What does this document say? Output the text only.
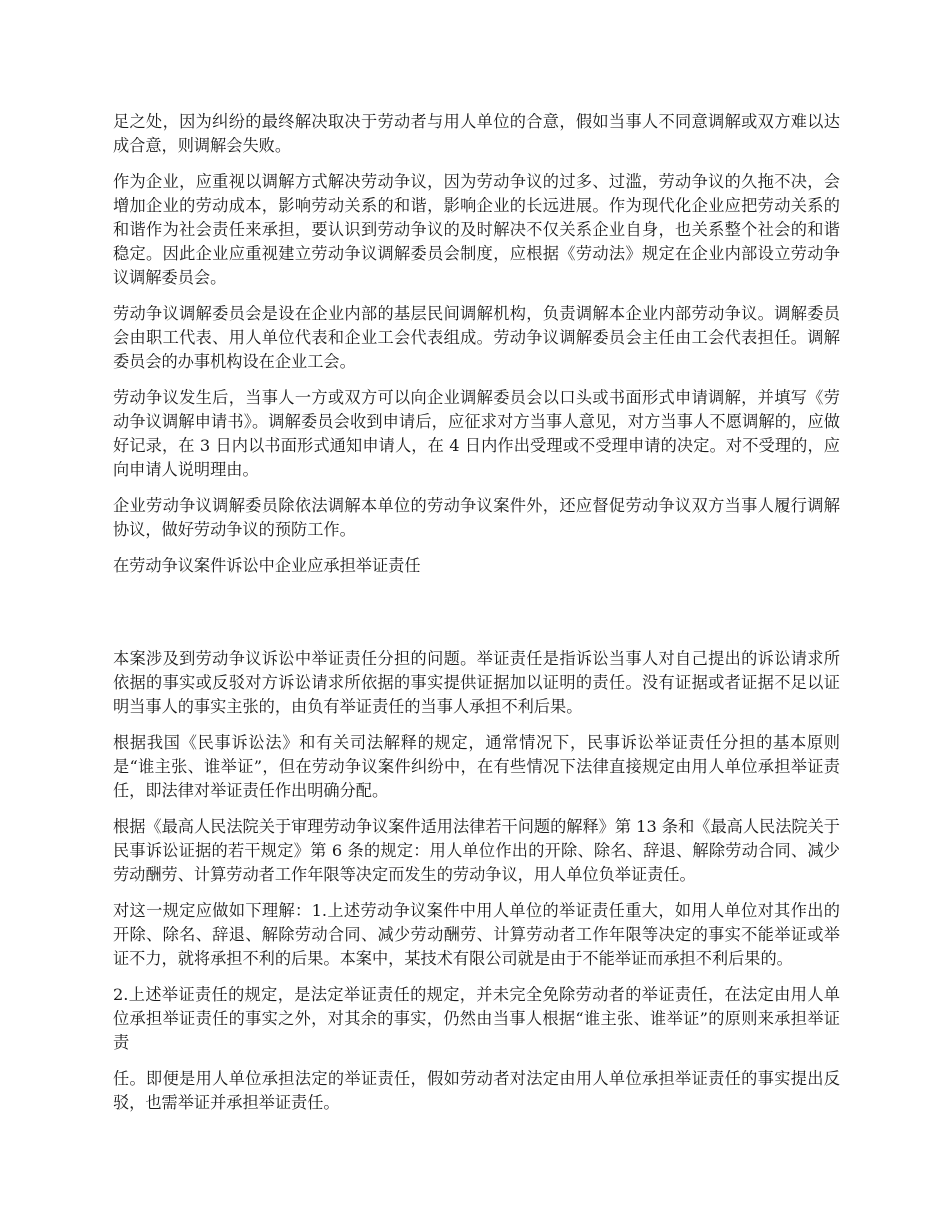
足之处，因为纠纷的最终解决取决于劳动者与用人单位的合意，假如当事人不同意调解或双方难以达成合意，则调解会失败。

作为企业，应重视以调解方式解决劳动争议，因为劳动争议的过多、过滥，劳动争议的久拖不决，会增加企业的劳动成本，影响劳动关系的和谐，影响企业的长远进展。作为现代化企业应把劳动关系的和谐作为社会责任来承担，要认识到劳动争议的及时解决不仅关系企业自身，也关系整个社会的和谐稳定。因此企业应重视建立劳动争议调解委员会制度，应根据《劳动法》规定在企业内部设立劳动争议调解委员会。

劳动争议调解委员会是设在企业内部的基层民间调解机构，负责调解本企业内部劳动争议。调解委员会由职工代表、用人单位代表和企业工会代表组成。劳动争议调解委员会主任由工会代表担任。调解委员会的办事机构设在企业工会。

劳动争议发生后，当事人一方或双方可以向企业调解委员会以口头或书面形式申请调解，并填写《劳动争议调解申请书》。调解委员会收到申请后，应征求对方当事人意见，对方当事人不愿调解的，应做好记录，在 3 日内以书面形式通知申请人，在 4 日内作出受理或不受理申请的决定。对不受理的，应向申请人说明理由。

企业劳动争议调解委员除依法调解本单位的劳动争议案件外，还应督促劳动争议双方当事人履行调解协议，做好劳动争议的预防工作。

在劳动争议案件诉讼中企业应承担举证责任

本案涉及到劳动争议诉讼中举证责任分担的问题。举证责任是指诉讼当事人对自己提出的诉讼请求所依据的事实或反驳对方诉讼请求所依据的事实提供证据加以证明的责任。没有证据或者证据不足以证明当事人的事实主张的，由负有举证责任的当事人承担不利后果。

根据我国《民事诉讼法》和有关司法解释的规定，通常情况下，民事诉讼举证责任分担的基本原则是“谁主张、谁举证”，但在劳动争议案件纠纷中，在有些情况下法律直接规定由用人单位承担举证责任，即法律对举证责任作出明确分配。

根据《最高人民法院关于审理劳动争议案件适用法律若干问题的解释》第 13 条和《最高人民法院关于民事诉讼证据的若干规定》第 6 条的规定：用人单位作出的开除、除名、辞退、解除劳动合同、减少劳动酬劳、计算劳动者工作年限等决定而发生的劳动争议，用人单位负举证责任。

对这一规定应做如下理解：1.上述劳动争议案件中用人单位的举证责任重大，如用人单位对其作出的开除、除名、辞退、解除劳动合同、减少劳动酬劳、计算劳动者工作年限等决定的事实不能举证或举证不力，就将承担不利的后果。本案中，某技术有限公司就是由于不能举证而承担不利后果的。

2.上述举证责任的规定，是法定举证责任的规定，并未完全免除劳动者的举证责任，在法定由用人单位承担举证责任的事实之外，对其余的事实，仍然由当事人根据“谁主张、谁举证”的原则来承担举证责

任。即便是用人单位承担法定的举证责任，假如劳动者对法定由用人单位承担举证责任的事实提出反驳，也需举证并承担举证责任。
